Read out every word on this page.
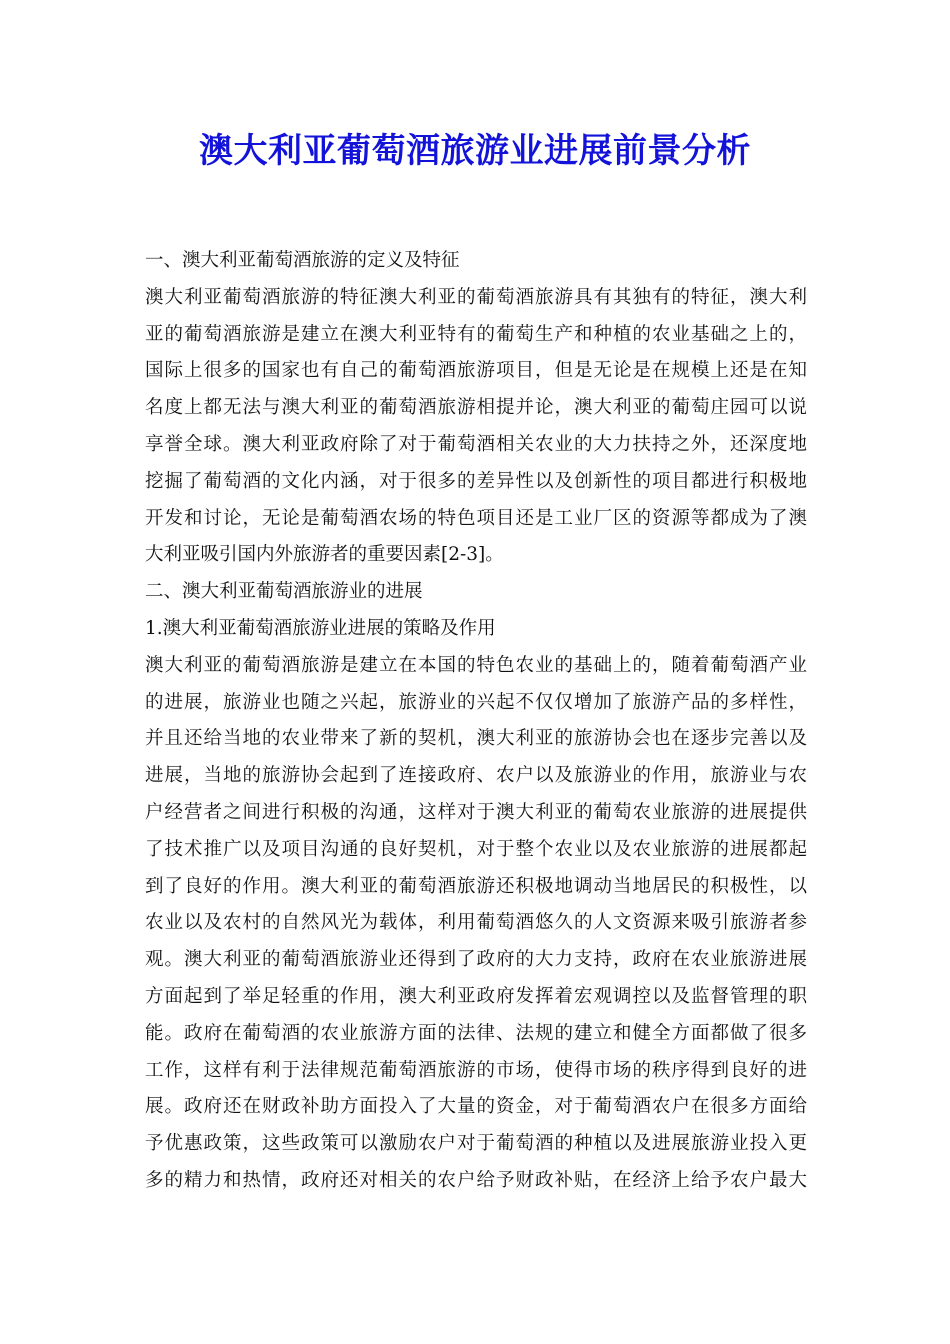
澳大利亚葡萄酒旅游业进展前景分析
一、澳大利亚葡萄酒旅游的定义及特征
澳大利亚葡萄酒旅游的特征澳大利亚的葡萄酒旅游具有其独有的特征，澳大利
亚的葡萄酒旅游是建立在澳大利亚特有的葡萄生产和种植的农业基础之上的，
国际上很多的国家也有自己的葡萄酒旅游项目，但是无论是在规模上还是在知
名度上都无法与澳大利亚的葡萄酒旅游相提并论，澳大利亚的葡萄庄园可以说
享誉全球。澳大利亚政府除了对于葡萄酒相关农业的大力扶持之外，还深度地
挖掘了葡萄酒的文化内涵，对于很多的差异性以及创新性的项目都进行积极地
开发和讨论，无论是葡萄酒农场的特色项目还是工业厂区的资源等都成为了澳
大利亚吸引国内外旅游者的重要因素[2-3]。
二、澳大利亚葡萄酒旅游业的进展
1.澳大利亚葡萄酒旅游业进展的策略及作用
澳大利亚的葡萄酒旅游是建立在本国的特色农业的基础上的，随着葡萄酒产业
的进展，旅游业也随之兴起，旅游业的兴起不仅仅增加了旅游产品的多样性，
并且还给当地的农业带来了新的契机，澳大利亚的旅游协会也在逐步完善以及
进展，当地的旅游协会起到了连接政府、农户以及旅游业的作用，旅游业与农
户经营者之间进行积极的沟通，这样对于澳大利亚的葡萄农业旅游的进展提供
了技术推广以及项目沟通的良好契机，对于整个农业以及农业旅游的进展都起
到了良好的作用。澳大利亚的葡萄酒旅游还积极地调动当地居民的积极性，以
农业以及农村的自然风光为载体，利用葡萄酒悠久的人文资源来吸引旅游者参
观。澳大利亚的葡萄酒旅游业还得到了政府的大力支持，政府在农业旅游进展
方面起到了举足轻重的作用，澳大利亚政府发挥着宏观调控以及监督管理的职
能。政府在葡萄酒的农业旅游方面的法律、法规的建立和健全方面都做了很多
工作，这样有利于法律规范葡萄酒旅游的市场，使得市场的秩序得到良好的进
展。政府还在财政补助方面投入了大量的资金，对于葡萄酒农户在很多方面给
予优惠政策，这些政策可以激励农户对于葡萄酒的种植以及进展旅游业投入更
多的精力和热情，政府还对相关的农户给予财政补贴，在经济上给予农户最大
